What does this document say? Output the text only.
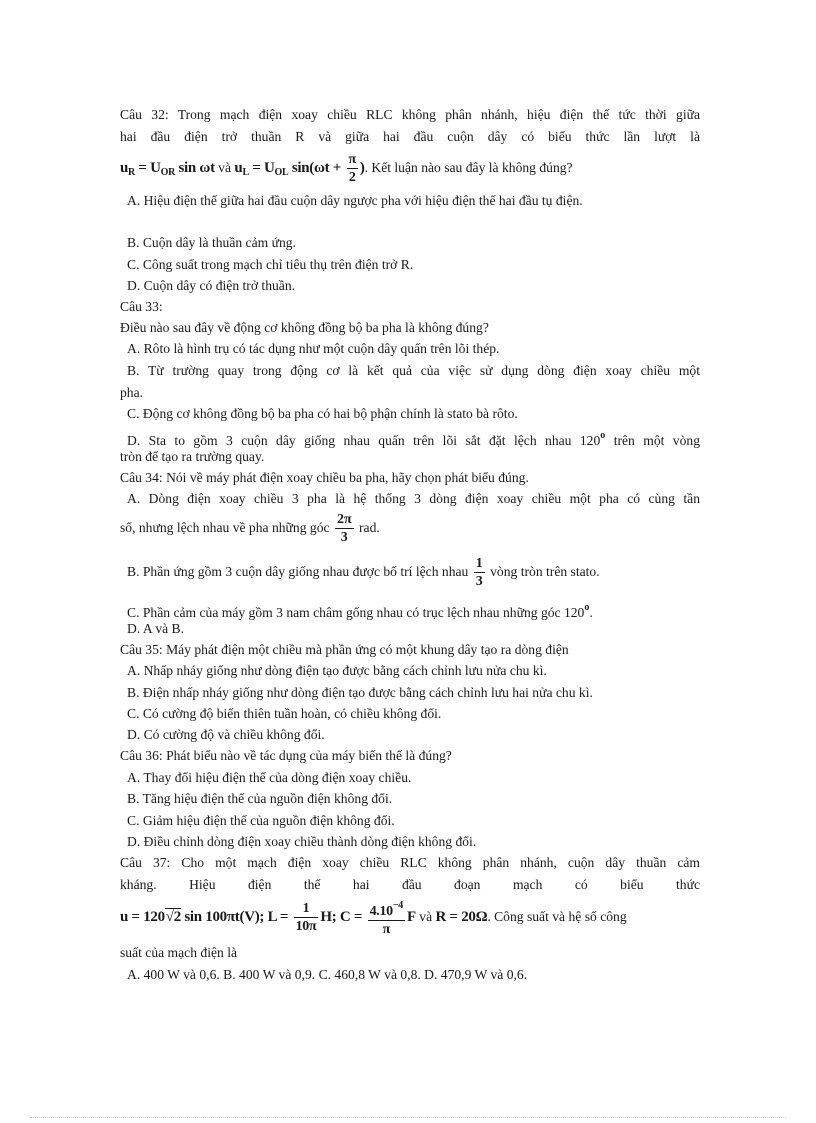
Câu 32: Trong mạch điện xoay chiều RLC không phân nhánh, hiệu điện thế tức thời giữa
hai đầu điện trở thuần R và giữa hai đầu cuộn dây có biểu thức lần lượt là
$u_R = U_{OR}$ sin ωt và $u_L = U_{OL}$ $\sin(\omega t + \frac{\pi}{2}$ ). Kết luận nào sau đây là không đúng?
A. Hiệu điện thế giữa hai đầu cuộn dây ngược pha với hiệu điện thế hai đầu tụ điện.
B. Cuộn dây là thuần cảm ứng.
C. Công suất trong mạch chỉ tiêu thụ trên điện trở R.
D. Cuộn dây có điện trở thuần.
Câu 33:
Điều nào sau đây về động cơ không đồng bộ ba pha là không đúng?
A. Rôto là hình trụ có tác dụng như một cuộn dây quấn trên lõi thép.
B. Từ trường quay trong động cơ là kết quả của việc sử dụng dòng điện xoay chiều một
pha.
C. Động cơ không đồng bộ ba pha có hai bộ phận chính là stato bà rôto.
D. Sta to gồm 3 cuộn dây giống nhau quấn trên lõi sắt đặt lệch nhau 120$^o$ trên một vòng
tròn để tạo ra trường quay.
Câu 34: Nói về máy phát điện xoay chiều ba pha, hãy chọn phát biểu đúng.
A. Dòng điện xoay chiều 3 pha là hệ thống 3 dòng điện xoay chiều một pha có cùng tần
số, nhưng lệch nhau về pha những góc $\frac{2\pi}{3}$ rad.
B. Phần ứng gồm 3 cuộn dây giống nhau được bố trí lệch nhau $\frac{1}{3}$ vòng tròn trên stato.
C. Phần cảm của máy gồm 3 nam châm gống nhau có trục lệch nhau những góc 120$^o$.
D. A và B.
Câu 35: Máy phát điện một chiều mà phần ứng có một khung dây tạo ra dòng điện
A. Nhấp nháy giống như dòng điện tạo được bằng cách chỉnh lưu nửa chu kì.
B. Điện nhấp nháy giống như dòng điện tạo được bằng cách chỉnh lưu hai nửa chu kì.
C. Có cường độ biến thiên tuần hoàn, có chiều không đổi.
D. Có cường độ và chiều không đổi.
Câu 36: Phát biểu nào về tác dụng của máy biến thế là đúng?
A. Thay đổi hiệu điện thế của dòng điện xoay chiều.
B. Tăng hiệu điện thế của nguồn điện không đổi.
C. Giảm hiệu điện thế của nguồn điện không đổi.
D. Điều chỉnh dòng điện xoay chiều thành dòng điện không đổi.
Câu 37: Cho một mạch điện xoay chiều RLC không phân nhánh, cuộn dây thuần cảm
kháng. Hiệu điện thế hai đầu đoạn mạch có biểu thức
u = 120√2 sin 100πt(V); $L = \frac{1}{10\pi} H$; $C = \frac{4.10^{-4}}{\pi}$ F và R = 20Ω. Công suất và hệ số công
suất của mạch điện là
A. 400 W và 0,6. B. 400 W và 0,9. C. 460,8 W và 0,8. D. 470,9 W và 0,6.
